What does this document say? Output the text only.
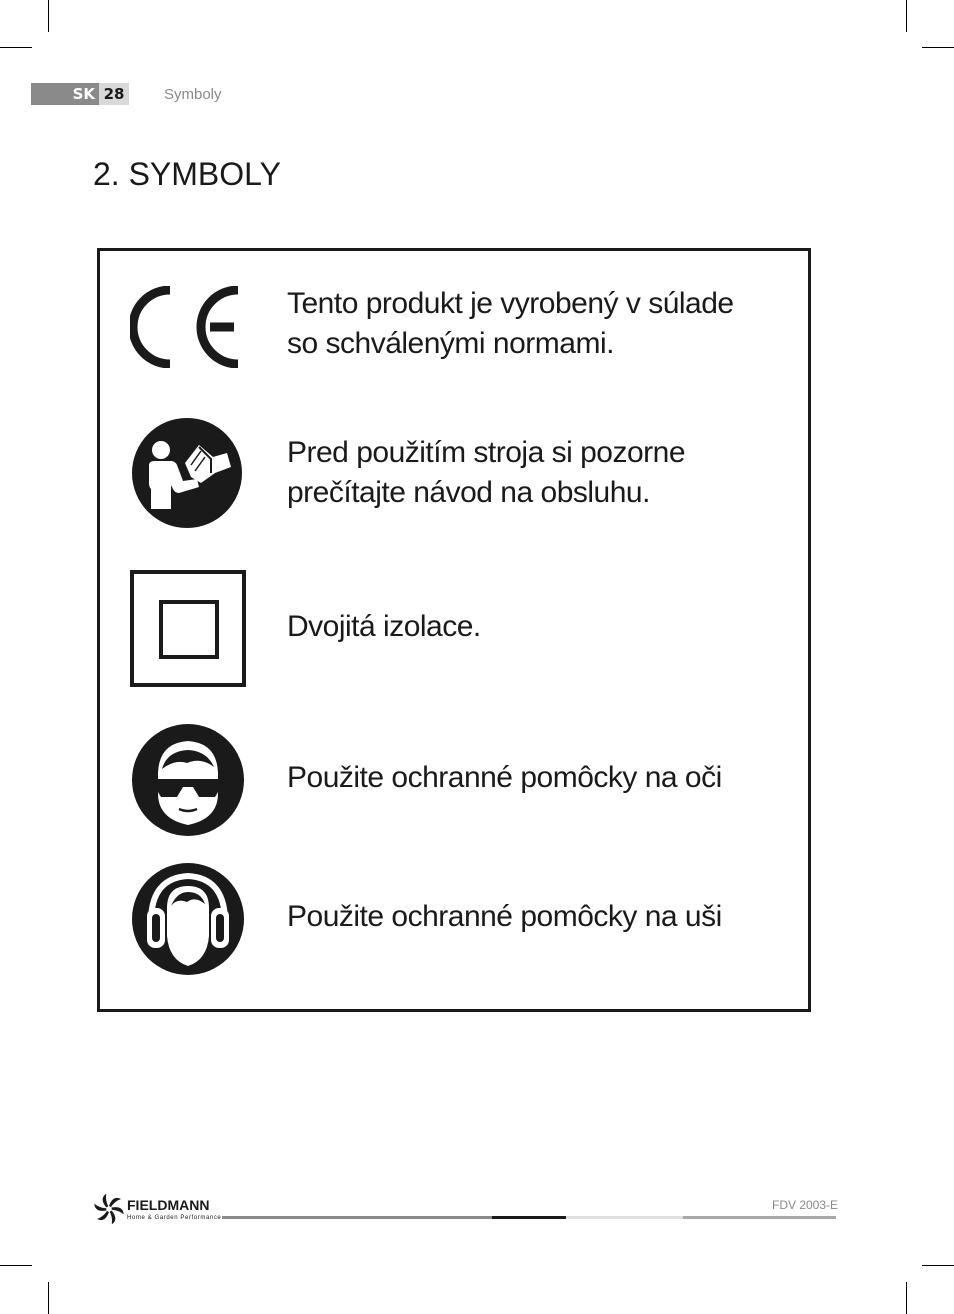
SK 28	Symboly
2. SYMBOLY
Tento produkt je vyrobený v súlade
so schválenými normami.
Pred použitím stroja si pozorne
prečítajte návod na obsluhu.
Dvojitá izolace.
Použite ochranné pomôcky na oči
Použite ochranné pomôcky na uši
FIELDMANN
Home & Garden Performance
FDV 2003-E
